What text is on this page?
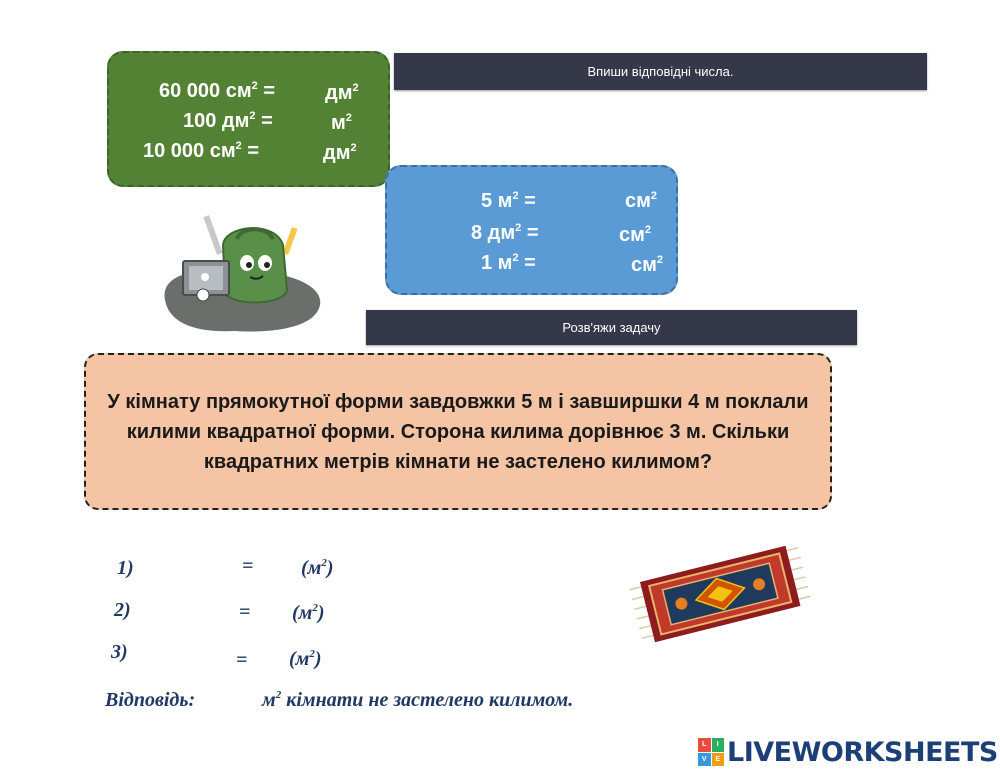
60 000 $см^2 = дм^2$
100 $дм^2$ =	$м^2$
10 000 $см^2$ =	$дм^2$
Впиши відповідні числа.
5 $м^2$ =	$см^2$
8 $дм^2$ =	$см^2$
1 $м^2$ =	$см^2$
Розв'яжи задачу
У кімнату прямокутної форми завдовжки 5 м і завширшки 4 м поклали килими квадратної форми. Сторона килима дорівнює 3 м. Скільки квадратних метрів кімнати не застелено килимом?
1)	= $(м^2)$
2)	= $(м^2)$
3)	= $(м^2)$
Відповідь:	$м^2$ кімнати не застелено килимом.
L	I
V	E LIVEWORKSHEETS
